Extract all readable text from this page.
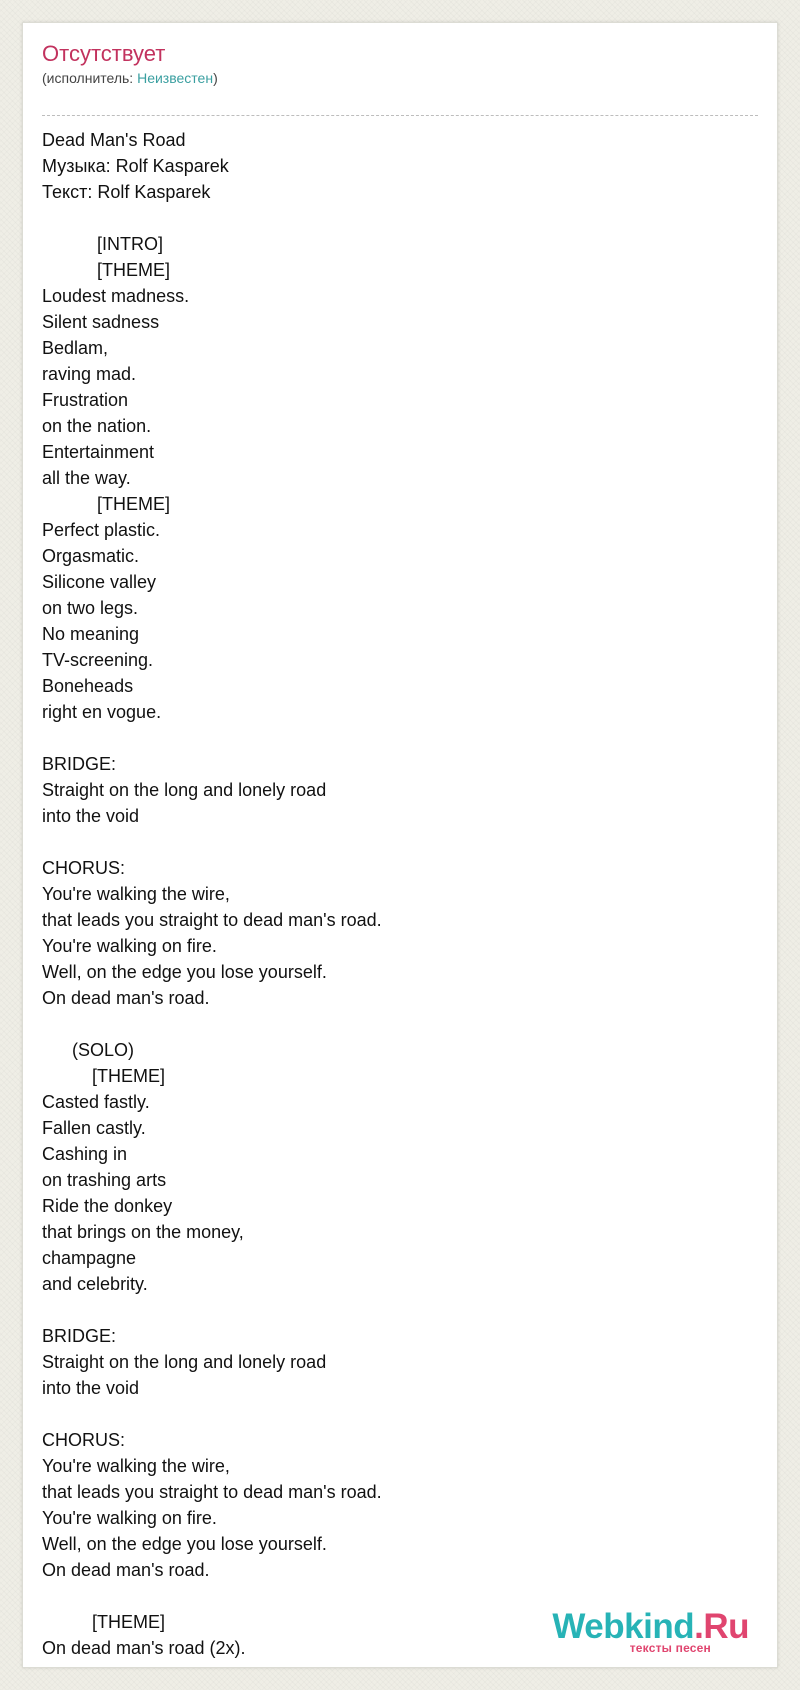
Отсутствует
(исполнитель: Неизвестен)
Dead Man's Road
Музыка: Rolf Kasparek
Текст: Rolf Kasparek
[INTRO]
[THEME]
Loudest madness.
Silent sadness
Bedlam,
raving mad.
Frustration
on the nation.
Entertainment
all the way.
[THEME]
Perfect plastic.
Orgasmatic.
Silicone valley
on two legs.
No meaning
TV-screening.
Boneheads
right en vogue.
BRIDGE:
Straight on the long and lonely road
into the void
CHORUS:
You're walking the wire,
that leads you straight to dead man's road.
You're walking on fire.
Well, on the edge you lose yourself.
On dead man's road.
(SOLO)
[THEME]
Casted fastly.
Fallen castly.
Cashing in
on trashing arts
Ride the donkey
that brings on the money,
champagne
and celebrity.
BRIDGE:
Straight on the long and lonely road
into the void
CHORUS:
You're walking the wire,
that leads you straight to dead man's road.
You're walking on fire.
Well, on the edge you lose yourself.
On dead man's road.
[THEME]
On dead man's road (2x).
Webkind.Ru
тексты песен
